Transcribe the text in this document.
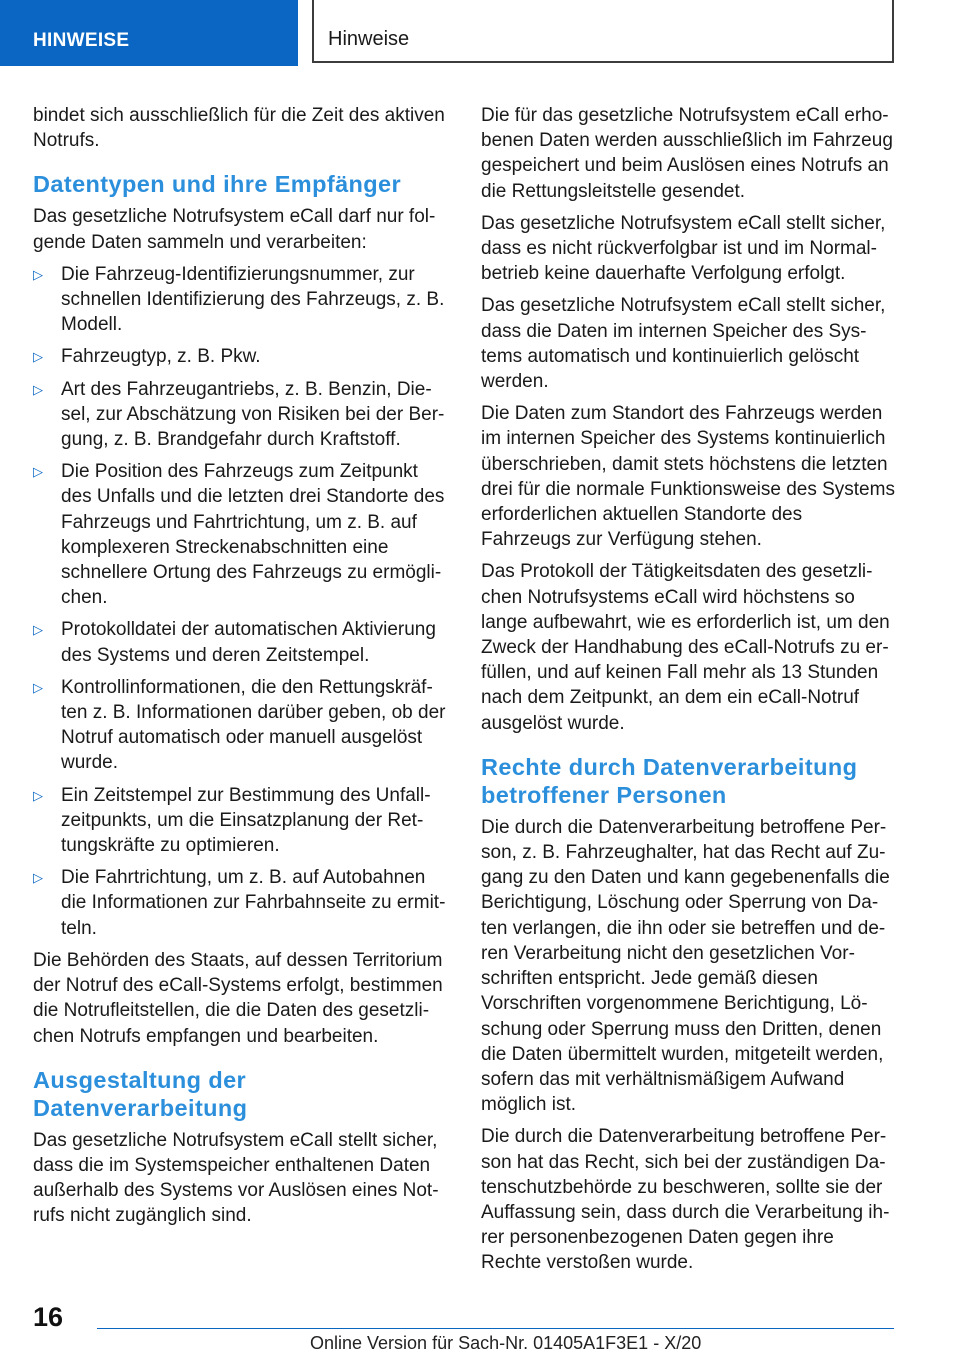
HINWEISE	Hinweise

bindet sich ausschließlich für die Zeit des aktiven Notrufs.

Datentypen und ihre Empfänger

Das gesetzliche Notrufsystem eCall darf nur folgende Daten sammeln und verarbeiten:

▷ Die Fahrzeug-Identifizierungsnummer, zur schnellen Identifizierung des Fahrzeugs, z. B. Modell.
▷ Fahrzeugtyp, z. B. Pkw.
▷ Art des Fahrzeugantriebs, z. B. Benzin, Diesel, zur Abschätzung von Risiken bei der Bergung, z. B. Brandgefahr durch Kraftstoff.
▷ Die Position des Fahrzeugs zum Zeitpunkt des Unfalls und die letzten drei Standorte des Fahrzeugs und Fahrtrichtung, um z. B. auf komplexeren Streckenabschnitten eine schnellere Ortung des Fahrzeugs zu ermöglichen.
▷ Protokolldatei der automatischen Aktivierung des Systems und deren Zeitstempel.
▷ Kontrollinformationen, die den Rettungskräften z. B. Informationen darüber geben, ob der Notruf automatisch oder manuell ausgelöst wurde.
▷ Ein Zeitstempel zur Bestimmung des Unfallzeitpunkts, um die Einsatzplanung der Rettungskräfte zu optimieren.
▷ Die Fahrtrichtung, um z. B. auf Autobahnen die Informationen zur Fahrbahnseite zu ermitteln.

Die Behörden des Staats, auf dessen Territorium der Notruf des eCall-Systems erfolgt, bestimmen die Notrufleitstellen, die die Daten des gesetzlichen Notrufs empfangen und bearbeiten.

Ausgestaltung der Datenverarbeitung

Das gesetzliche Notrufsystem eCall stellt sicher, dass die im Systemspeicher enthaltenen Daten außerhalb des Systems vor Auslösen eines Notrufs nicht zugänglich sind.

Die für das gesetzliche Notrufsystem eCall erhobenen Daten werden ausschließlich im Fahrzeug gespeichert und beim Auslösen eines Notrufs an die Rettungsleitstelle gesendet.

Das gesetzliche Notrufsystem eCall stellt sicher, dass es nicht rückverfolgbar ist und im Normalbetrieb keine dauerhafte Verfolgung erfolgt.

Das gesetzliche Notrufsystem eCall stellt sicher, dass die Daten im internen Speicher des Systems automatisch und kontinuierlich gelöscht werden.

Die Daten zum Standort des Fahrzeugs werden im internen Speicher des Systems kontinuierlich überschrieben, damit stets höchstens die letzten drei für die normale Funktionsweise des Systems erforderlichen aktuellen Standorte des Fahrzeugs zur Verfügung stehen.

Das Protokoll der Tätigkeitsdaten des gesetzlichen Notrufsystems eCall wird höchstens so lange aufbewahrt, wie es erforderlich ist, um den Zweck der Handhabung des eCall-Notrufs zu erfüllen, und auf keinen Fall mehr als 13 Stunden nach dem Zeitpunkt, an dem ein eCall-Notruf ausgelöst wurde.

Rechte durch Datenverarbeitung betroffener Personen

Die durch die Datenverarbeitung betroffene Person, z. B. Fahrzeughalter, hat das Recht auf Zugang zu den Daten und kann gegebenenfalls die Berichtigung, Löschung oder Sperrung von Daten verlangen, die ihn oder sie betreffen und deren Verarbeitung nicht den gesetzlichen Vorschriften entspricht. Jede gemäß diesen Vorschriften vorgenommene Berichtigung, Löschung oder Sperrung muss den Dritten, denen die Daten übermittelt wurden, mitgeteilt werden, sofern das mit verhältnismäßigem Aufwand möglich ist.

Die durch die Datenverarbeitung betroffene Person hat das Recht, sich bei der zuständigen Datenschutzbehörde zu beschweren, sollte sie der Auffassung sein, dass durch die Verarbeitung ihrer personenbezogenen Daten gegen ihre Rechte verstoßen wurde.

16
Online Version für Sach-Nr. 01405A1F3E1 - X/20
